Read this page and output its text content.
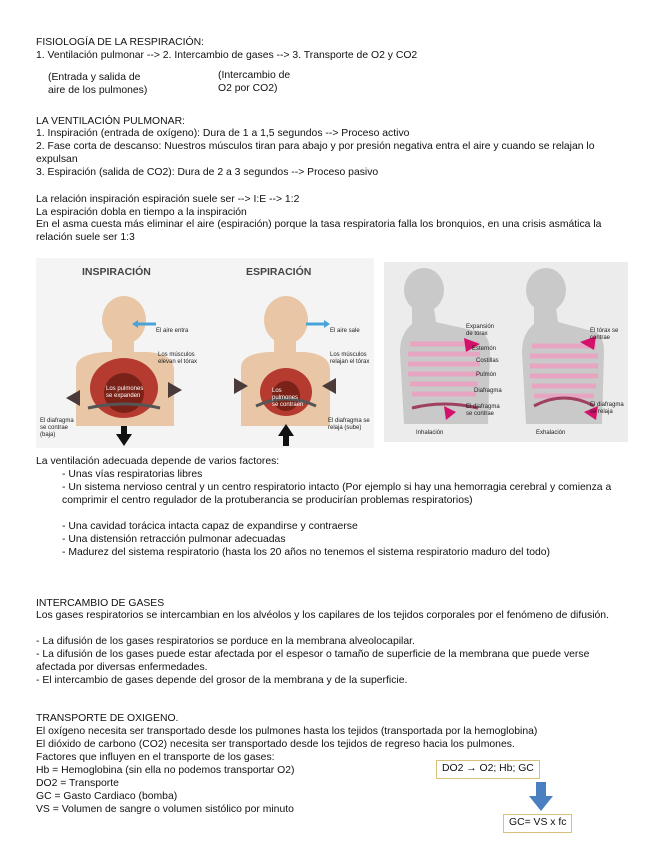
FISIOLOGÍA DE LA RESPIRACIÓN:
1. Ventilación pulmonar --> 2. Intercambio de gases --> 3. Transporte de O2 y CO2
(Entrada y salida de
aire de los pulmones)
(Intercambio de
O2 por CO2)
LA VENTILACIÓN PULMONAR:
1. Inspiración (entrada de oxígeno): Dura de 1 a 1,5 segundos --> Proceso activo
2. Fase corta de descanso: Nuestros músculos tiran para abajo y por presión negativa entra el aire y cuando se relajan lo expulsan
3. Espiración (salida de CO2): Dura de 2 a 3 segundos --> Proceso pasivo
La relación inspiración espiración suele ser --> I:E --> 1:2
La espiración dobla en tiempo a la inspiración
En el asma cuesta más eliminar el aire (espiración) porque la tasa respiratoria falla los bronquios, en una crisis asmática la relación suele ser 1:3
INSPIRACIÓN	ESPIRACIÓN
El aire entra
Los músculos elevan el tórax
Los pulmones se expanden
El diafragma se contrae (baja)
El aire sale
Los músculos relajan el tórax
Los pulmones se contraen
El diafragma se relaja (sube)
Expansión de tórax
Esternón
Costillas
Pulmón
Diafragma
El diafragma se contrae
El tórax se contrae
El diafragma se relaja
Inhalación	Exhalación
La ventilación adecuada depende de varios factores:
- Unas vías respiratorias libres
- Un sistema nervioso central y un centro respiratorio intacto (Por ejemplo si hay una hemorragia cerebral y comienza a comprimir el centro regulador de la protuberancia se producirían problemas respiratorios)
- Una cavidad torácica intacta capaz de expandirse y contraerse
- Una distensión retracción pulmonar adecuadas
- Madurez del sistema respiratorio (hasta los 20 años no tenemos el sistema respiratorio maduro del todo)
INTERCAMBIO DE GASES
Los gases respiratorios se intercambian en los alvéolos y los capilares de los tejidos corporales por el fenómeno de difusión.
- La difusión de los gases respiratorios se porduce en la membrana alveolocapilar.
- La difusión de los gases puede estar afectada por el espesor o tamaño de superficie de la membrana que puede verse afectada por diversas enfermedades.
- El intercambio de gases depende del grosor de la membrana y de la superficie.
TRANSPORTE DE OXIGENO.
El oxígeno necesita ser transportado desde los pulmones hasta los tejidos (transportada por la hemoglobina)
El dióxido de carbono (CO2) necesita ser transportado desde los tejidos de regreso hacia los pulmones.
Factores que influyen en el transporte de los gases:
Hb = Hemoglobina (sin ella no podemos transportar O2)
DO2 = Transporte
GC = Gasto Cardiaco (bomba)
VS = Volumen de sangre o volumen sistólico por minuto
DO2 → O2; Hb; GC
GC= VS x fc
